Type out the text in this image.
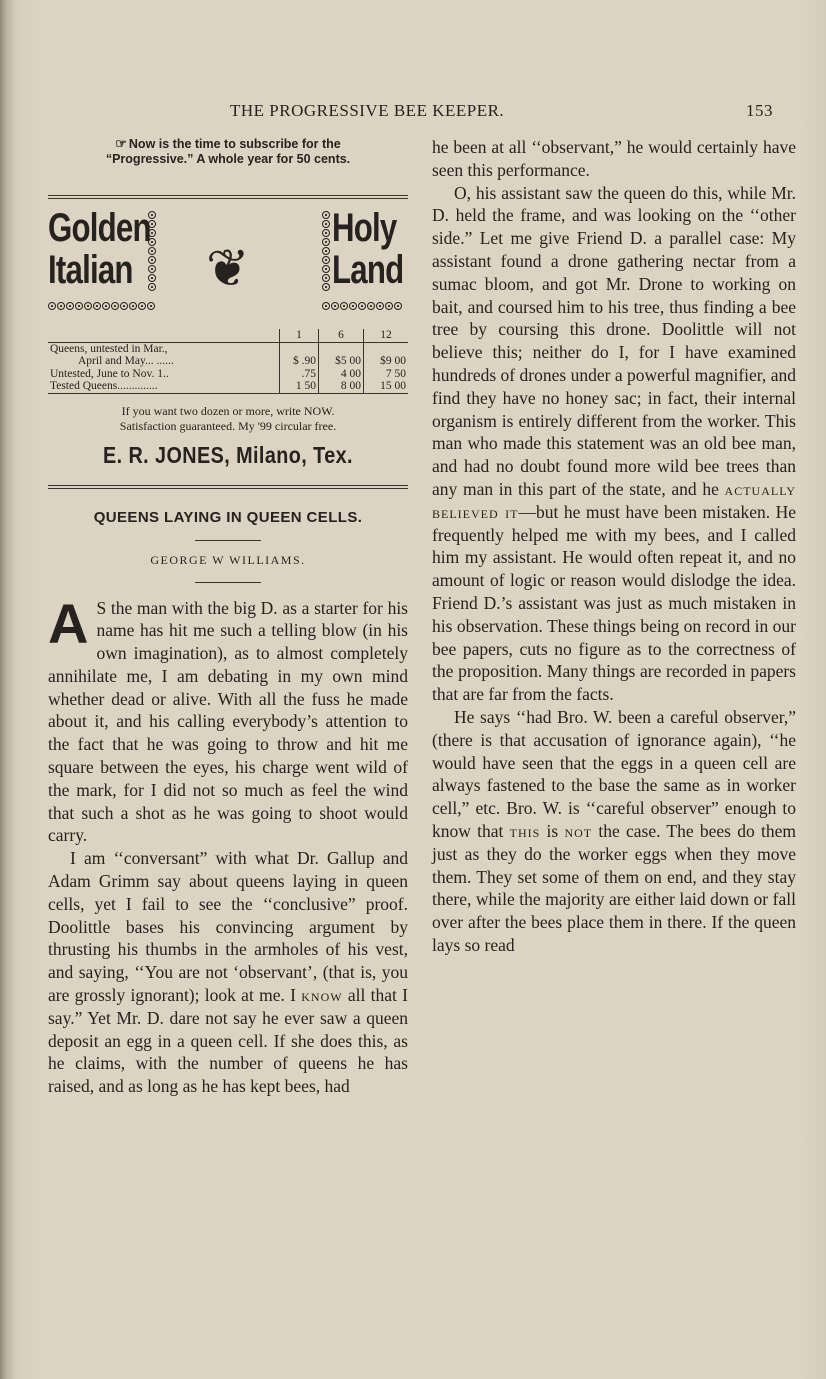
THE PROGRESSIVE BEE KEEPER.	153
☞ Now is the time to subscribe for the
“Progressive.” A whole year for 50 cents.
Golden
Italian ❦
Holy
Land
	1	6	12

Queens, untested in Mar.,
April and May... ......	$ .90	$5 00	$9 00
Untested, June to Nov. 1..	.75	4 00	7 50
Tested Queens..............	1 50	8 00	15 00
If you want two dozen or more, write NOW.
Satisfaction guaranteed. My '99 circular free.
E. R. JONES, Milano, Tex.
QUEENS LAYING IN QUEEN CELLS.
GEORGE W WILLIAMS.

A S the man with the big D. as a starter for his name has hit me such a telling blow (in his own imagination), as to almost completely annihilate me, I am debating in my own mind whether dead or alive. With all the fuss he made about it, and his calling everybody’s attention to the fact that he was going to throw and hit me square between the eyes, his charge went wild of the mark, for I did not so much as feel the wind that such a shot as he was going to shoot would carry.

I am ‘‘conversant” with what Dr. Gallup and Adam Grimm say about queens laying in queen cells, yet I fail to see the ‘‘conclusive” proof. Doolittle bases his convincing argument by thrusting his thumbs in the armholes of his vest, and saying, ‘‘You are not ‘observant’, (that is, you are grossly ignorant); look at me. I know all that I say.” Yet Mr. D. dare not say he ever saw a queen deposit an egg in a queen cell. If she does this, as he claims, with the number of queens he has raised, and as long as he has kept bees, had

he been at all ‘‘observant,” he would certainly have seen this performance.

O, his assistant saw the queen do this, while Mr. D. held the frame, and was looking on the ‘‘other side.” Let me give Friend D. a parallel case: My assistant found a drone gathering nectar from a sumac bloom, and got Mr. Drone to working on bait, and coursed him to his tree, thus finding a bee tree by coursing this drone. Doolittle will not believe this; neither do I, for I have examined hundreds of drones under a powerful magnifier, and find they have no honey sac; in fact, their internal organism is entirely different from the worker. This man who made this statement was an old bee man, and had no doubt found more wild bee trees than any man in this part of the state, and he actually believed it—but he must have been mistaken. He frequently helped me with my bees, and I called him my assistant. He would often repeat it, and no amount of logic or reason would dislodge the idea. Friend D.’s assistant was just as much mistaken in his observation. These things being on record in our bee papers, cuts no figure as to the correctness of the proposition. Many things are recorded in papers that are far from the facts.

He says ‘‘had Bro. W. been a careful observer,” (there is that accusation of ignorance again), ‘‘he would have seen that the eggs in a queen cell are always fastened to the base the same as in worker cell,” etc. Bro. W. is ‘‘careful observer” enough to know that this is not the case. The bees do them just as they do the worker eggs when they move them. They set some of them on end, and they stay there, while the majority are either laid down or fall over after the bees place them in there. If the queen lays so read
